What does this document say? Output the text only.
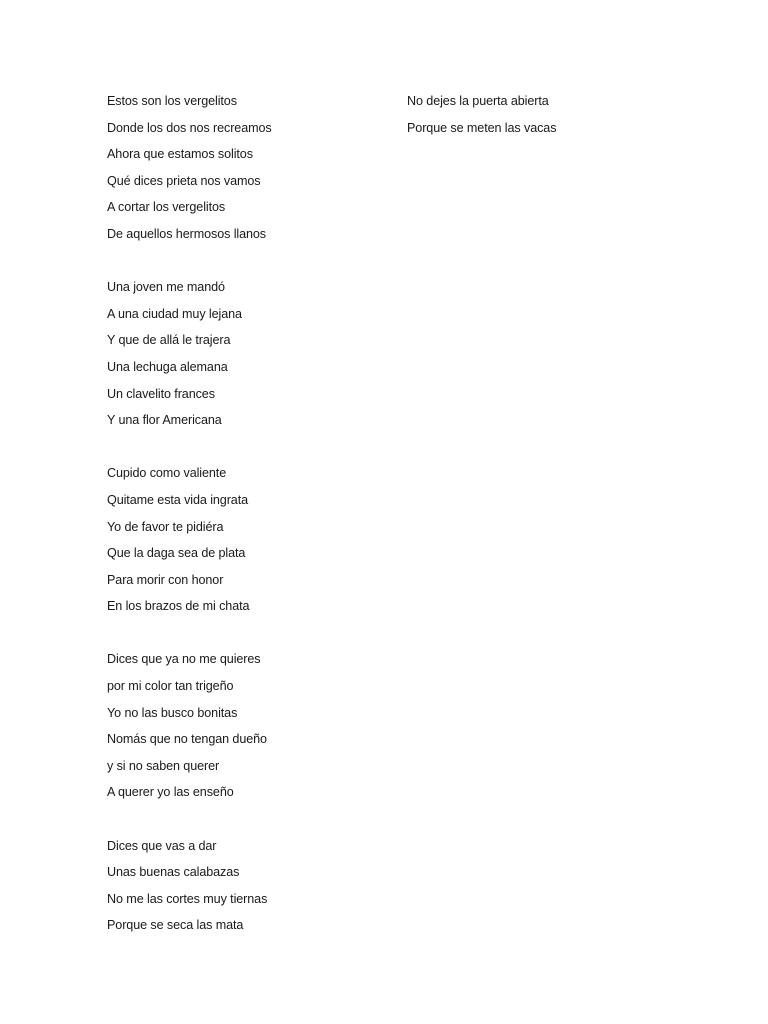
Estos son los vergelitos
Donde los dos nos recreamos
Ahora que estamos solitos
Qué dices prieta nos vamos
A cortar los vergelitos
De aquellos hermosos llanos
Una joven me mandó
A una ciudad muy lejana
Y que de allá le trajera
Una lechuga alemana
Un clavelito frances
Y una flor Americana
Cupido como valiente
Quitame esta vida ingrata
Yo de favor te pidiéra
Que la daga sea de plata
Para morir con honor
En los brazos de mi chata
Dices que ya no me quieres
por mi color tan trigeño
Yo no las busco bonitas
Nomás que no tengan dueño
y si no saben querer
A querer yo las enseño
Dices que vas a dar
Unas buenas calabazas
No me las cortes muy tiernas
Porque se seca las mata
No dejes la puerta abierta
Porque se meten las vacas
